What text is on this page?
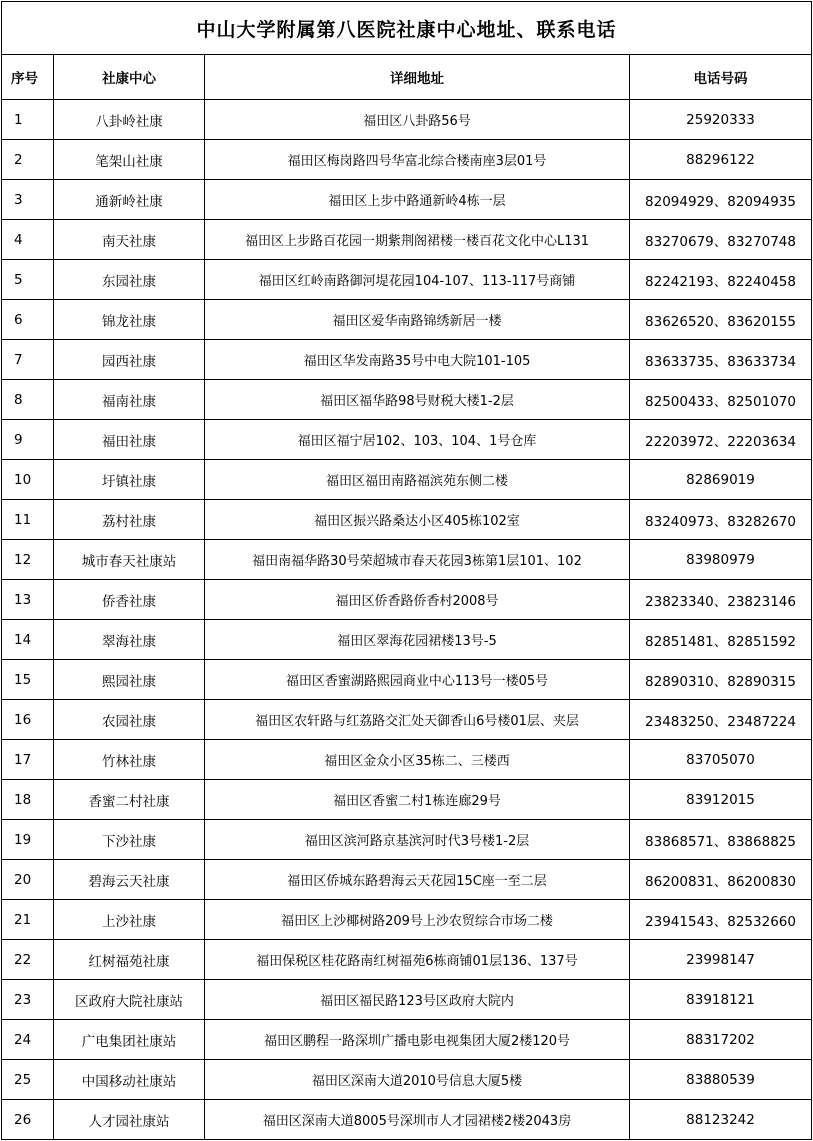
中山大学附属第八医院社康中心地址、联系电话			
序号	社康中心	详细地址	电话号码
1	八卦岭社康	福田区八卦路56号	25920333
2	笔架山社康	福田区梅岗路四号华富北综合楼南座3层01号	88296122
3	通新岭社康	福田区上步中路通新岭4栋一层	82094929、82094935
4	南天社康	福田区上步路百花园一期紫荆阁裙楼一楼百花文化中心L131	83270679、83270748
5	东园社康	福田区红岭南路御河堤花园104-107、113-117号商铺	82242193、82240458
6	锦龙社康	福田区爱华南路锦绣新居一楼	83626520、83620155
7	园西社康	福田区华发南路35号中电大院101-105	83633735、83633734
8	福南社康	福田区福华路98号财税大楼1-2层	82500433、82501070
9	福田社康	福田区福宁居102、103、104、1号仓库	22203972、22203634
10	圩镇社康	福田区福田南路福滨苑东侧二楼	82869019
11	荔村社康	福田区振兴路桑达小区405栋102室	83240973、83282670
12	城市春天社康站	福田南福华路30号荣超城市春天花园3栋第1层101、102	83980979
13	侨香社康	福田区侨香路侨香村2008号	23823340、23823146
14	翠海社康	福田区翠海花园裙楼13号-5	82851481、82851592
15	熙园社康	福田区香蜜湖路熙园商业中心113号一楼05号	82890310、82890315
16	农园社康	福田区农轩路与红荔路交汇处天御香山6号楼01层、夹层	23483250、23487224
17	竹林社康	福田区金众小区35栋二、三楼西	83705070
18	香蜜二村社康	福田区香蜜二村1栋连廊29号	83912015
19	下沙社康	福田区滨河路京基滨河时代3号楼1-2层	83868571、83868825
20	碧海云天社康	福田区侨城东路碧海云天花园15C座一至二层	86200831、86200830
21	上沙社康	福田区上沙椰树路209号上沙农贸综合市场二楼	23941543、82532660
22	红树福苑社康	福田保税区桂花路南红树福苑6栋商铺01层136、137号	23998147
23	区政府大院社康站	福田区福民路123号区政府大院内	83918121
24	广电集团社康站	福田区鹏程一路深圳广播电影电视集团大厦2楼120号	88317202
25	中国移动社康站	福田区深南大道2010号信息大厦5楼	83880539
26	人才园社康站	福田区深南大道8005号深圳市人才园裙楼2楼2043房	88123242
